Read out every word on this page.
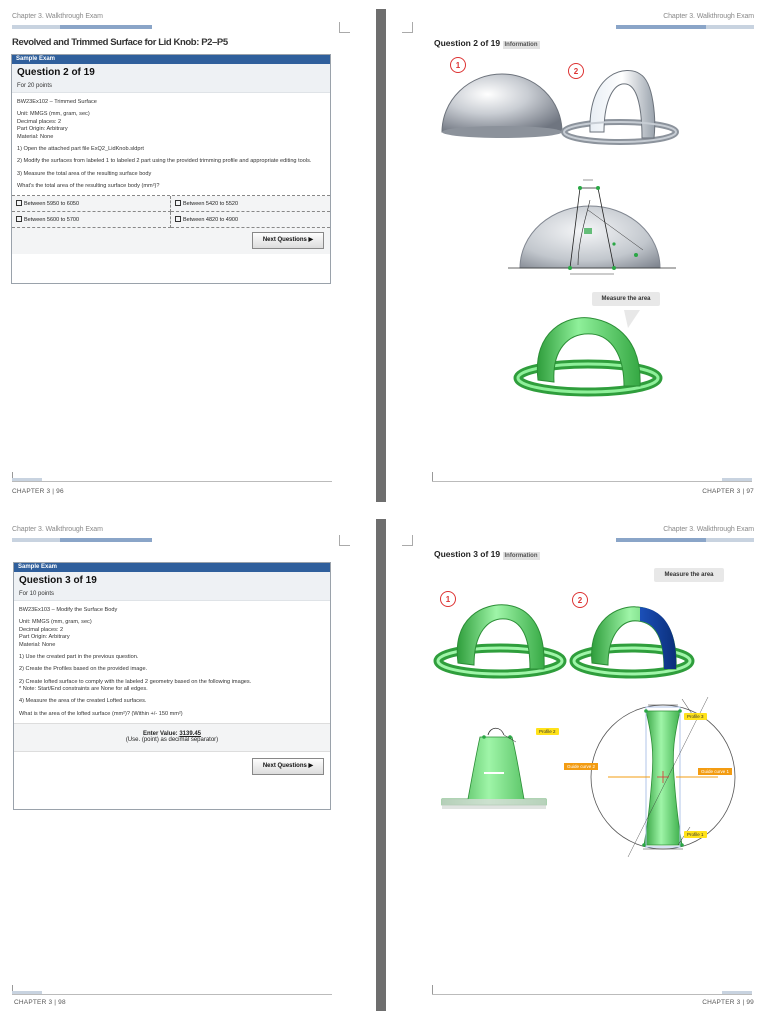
Chapter 3. Walkthrough Exam
Revolved and Trimmed Surface for Lid Knob: P2–P5
Sample Exam
Question 2 of 19
For 20 points

BW23Ex102 – Trimmed Surface

Unit: MMGS (mm, gram, sec)
Decimal places: 2
Part Origin: Arbitrary

Material: None

1) Open the attached part file ExQ2_LidKnob.sldprt

2) Modify the surfaces from labeled 1 to labeled 2 part using the provided trimming profile and appropriate editing tools.

3) Measure the total area of the resulting surface body

What's the total area of the resulting surface body (mm²)?

Between 5950 to 6050	Between 5420 to 5520
Between 5600 to 5700	Between 4820 to 4900
Next Questions ▶
CHAPTER 3 | 96
Chapter 3. Walkthrough Exam
Question 2 of 19 Information
1
2
Measure the area
CHAPTER 3 | 97
Chapter 3. Walkthrough Exam
Sample Exam
Question 3 of 19
For 10 points

BW23Ex103 – Modify the Surface Body

Unit: MMGS (mm, gram, sec)
Decimal places: 2
Part Origin: Arbitrary

Material: None

1) Use the created part in the previous question.

2) Create the Profiles based on the provided image.

2) Create lofted surface to comply with the labeled 2 geometry based on the following images.

* Note: Start/End constraints are None for all edges.

4) Measure the area of the created Lofted surfaces.

What is the area of the lofted surface (mm²)? (Within +/- 150 mm²)

Enter Value: 3139.45
(Use. (point) as decimal separator)
Next Questions ▶
CHAPTER 3 | 98
Chapter 3. Walkthrough Exam
Question 3 of 19 Information
Measure the area
1	2
Profile 2
Profile 3
Profile 1
Guide curve 2
Guide curve 1
CHAPTER 3 | 99
